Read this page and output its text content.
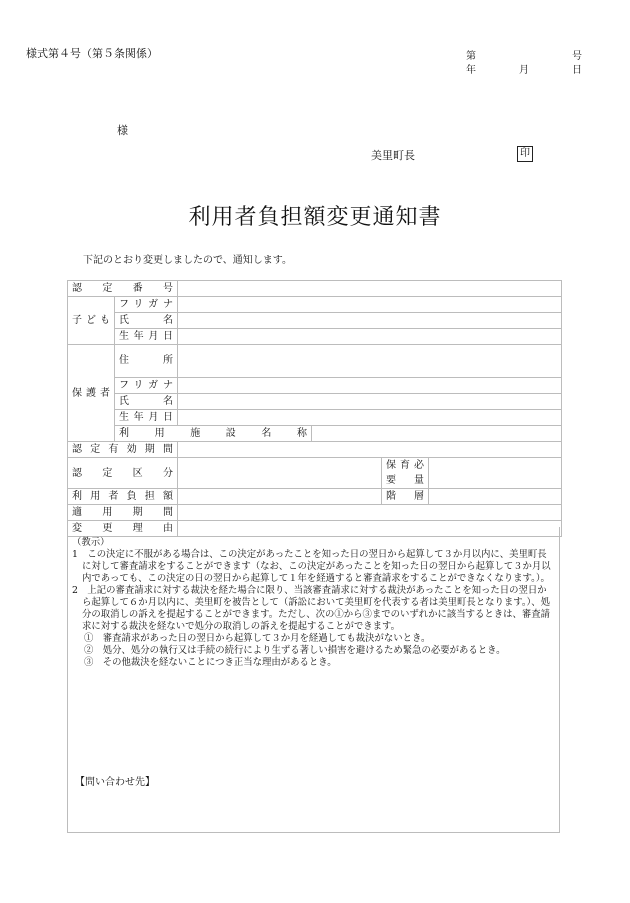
様式第４号（第５条関係）	第	号
年	月	日
様
美里町長	印
利用者負担額変更通知書
下記のとおり変更しましたので、通知します。
認定番号					

子ども	フリガナ				

	氏名				

	生年月日				

保護者	住所				

	フリガナ				

	氏名				

	生年月日				

	利用施設名称				

認定有効期間					

認定区分				保育必要量	

利用者負担額				階層	

適用期間					

変更理由					

（教示）

1　この決定に不服がある場合は、この決定があったことを知った日の翌日から起算して３か月以内に、美里町長に対して審査請求をすることができます（なお、この決定があったことを知った日の翌日から起算して３か月以内であっても、この決定の日の翌日から起算して１年を経過すると審査請求をすることができなくなります。）。

2　上記の審査請求に対する裁決を経た場合に限り、当該審査請求に対する裁決があったことを知った日の翌日から起算して６か月以内に、美里町を被告として（訴訟において美里町を代表する者は美里町長となります。）、処分の取消しの訴えを提起することができます。ただし、次の①から③までのいずれかに該当するときは、審査請求に対する裁決を経ないで処分の取消しの訴えを提起することができます。

①　審査請求があった日の翌日から起算して３か月を経過しても裁決がないとき。

②　処分、処分の執行又は手続の続行により生ずる著しい損害を避けるため緊急の必要があるとき。

③　その他裁決を経ないことにつき正当な理由があるとき。

【問い合わせ先】
